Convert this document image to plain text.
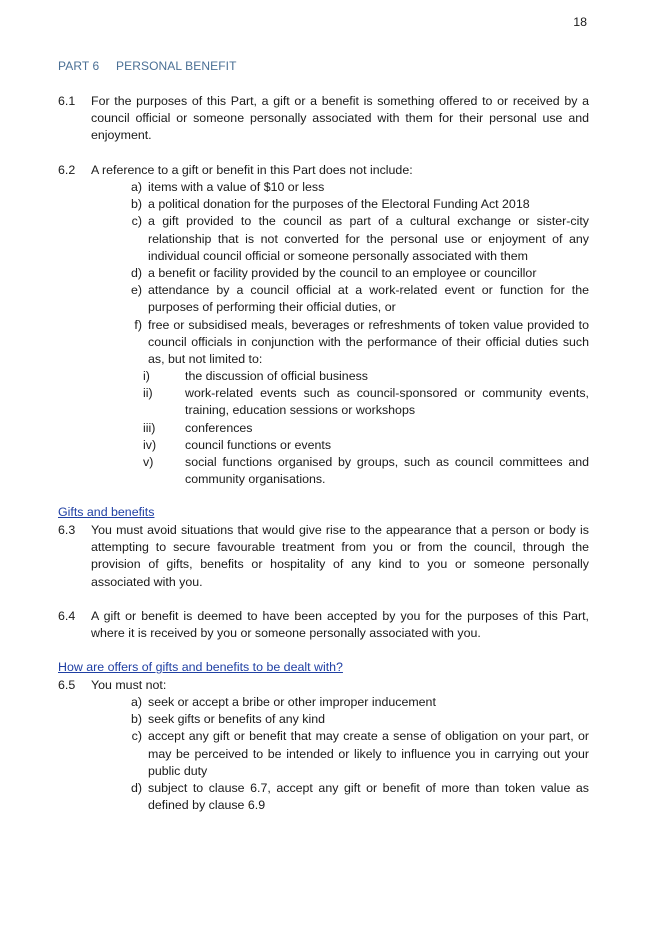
18
PART 6	PERSONAL BENEFIT
6.1 For the purposes of this Part, a gift or a benefit is something offered to or received by a council official or someone personally associated with them for their personal use and enjoyment.
6.2 A reference to a gift or benefit in this Part does not include:
a) items with a value of $10 or less
b) a political donation for the purposes of the Electoral Funding Act 2018
c) a gift provided to the council as part of a cultural exchange or sister-city relationship that is not converted for the personal use or enjoyment of any individual council official or someone personally associated with them
d) a benefit or facility provided by the council to an employee or councillor
e) attendance by a council official at a work-related event or function for the purposes of performing their official duties, or
f) free or subsidised meals, beverages or refreshments of token value provided to council officials in conjunction with the performance of their official duties such as, but not limited to:
i)	the discussion of official business
ii)	work-related events such as council-sponsored or community events, training, education sessions or workshops
iii)	conferences
iv)	council functions or events
v)	social functions organised by groups, such as council committees and community organisations.
Gifts and benefits
6.3 You must avoid situations that would give rise to the appearance that a person or body is attempting to secure favourable treatment from you or from the council, through the provision of gifts, benefits or hospitality of any kind to you or someone personally associated with you.
6.4 A gift or benefit is deemed to have been accepted by you for the purposes of this Part, where it is received by you or someone personally associated with you.
How are offers of gifts and benefits to be dealt with?
6.5 You must not:
a) seek or accept a bribe or other improper inducement
b) seek gifts or benefits of any kind
c) accept any gift or benefit that may create a sense of obligation on your part, or may be perceived to be intended or likely to influence you in carrying out your public duty
d) subject to clause 6.7, accept any gift or benefit of more than token value as defined by clause 6.9
